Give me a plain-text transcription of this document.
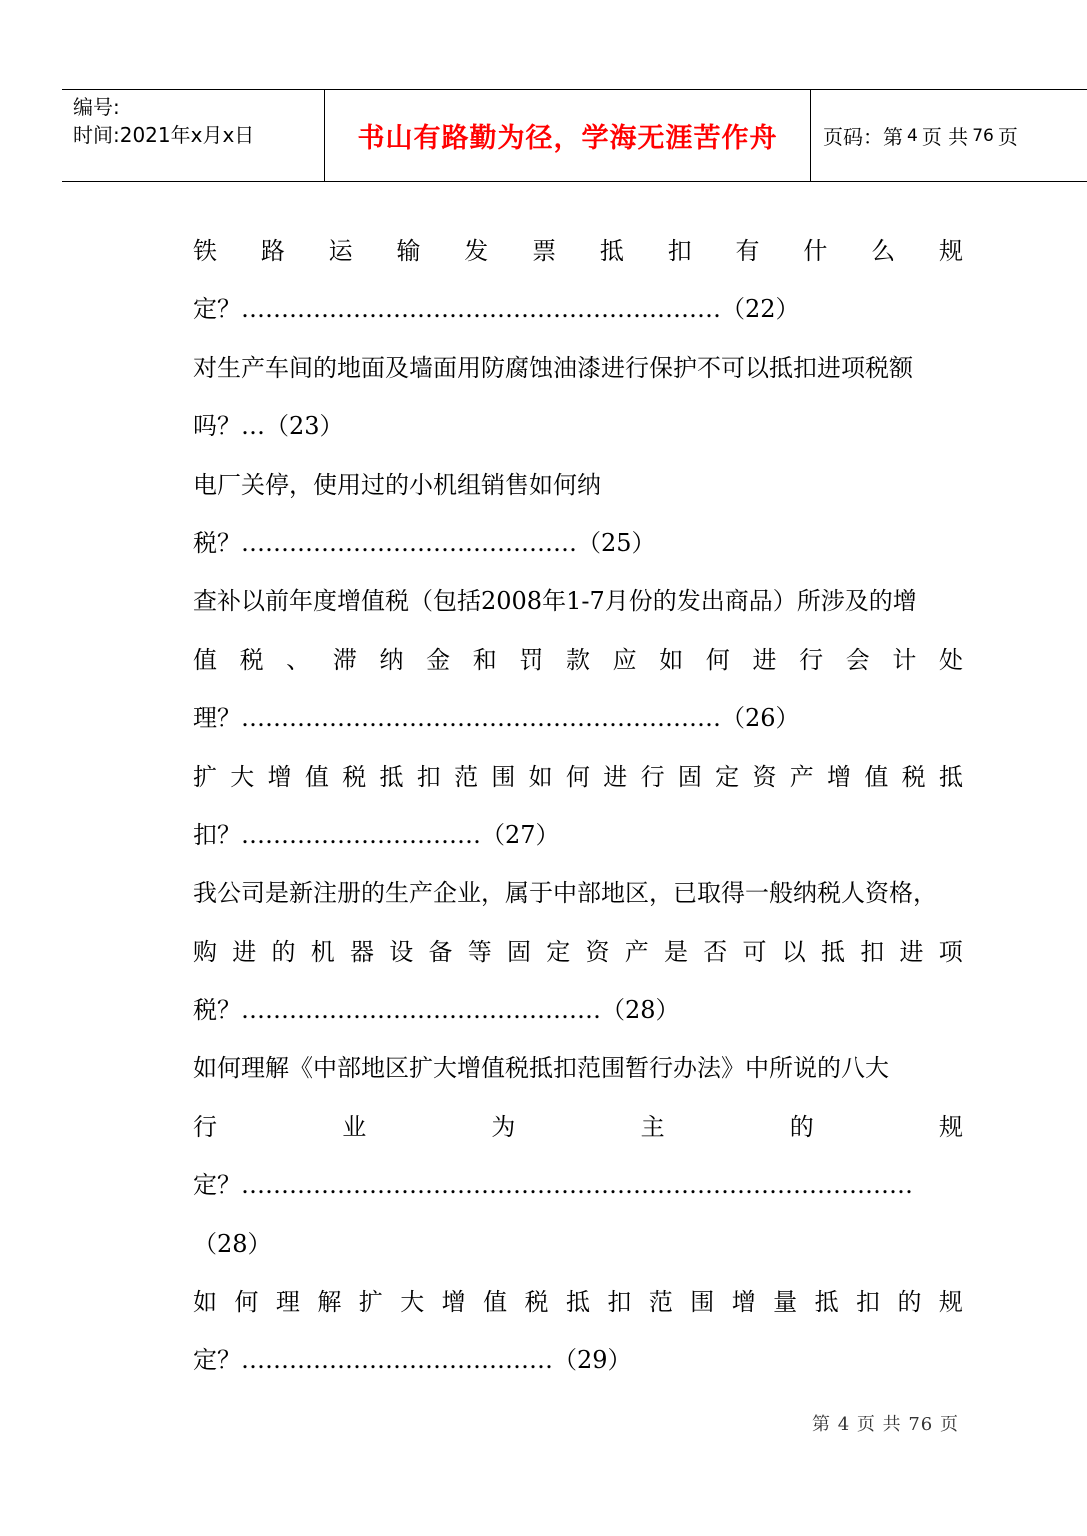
编号:
时间:2021年x月x日	书山有路勤为径，学海无涯苦作舟	页码：第 4 页 共 76 页
铁 路 运 输 发 票 抵 扣 有 什 么 规
定？ …………………………………………………… （22）
对生产车间的地面及墙面用防腐蚀油漆进行保护不可以抵扣进项税额
吗？ … （23）
电厂关停，使用过的小机组销售如何纳
税？ …………………………………… （25）
查补以前年度增值税（包括2008年1-7月份的发出商品）所涉及的增
值 税 、 滞 纳 金 和 罚 款 应 如 何 进 行 会 计 处
理？ …………………………………………………… （26）
扩 大 增 值 税 抵 扣 范 围 如 何 进 行 固 定 资 产 增 值 税 抵
扣？ ………………………… （27）
我公司是新注册的生产企业，属于中部地区，已取得一般纳税人资格，
购 进 的 机 器 设 备 等 固 定 资 产 是 否 可 以 抵 扣 进 项
税？ ……………………………………… （28）
如何理解《中部地区扩大增值税抵扣范围暂行办法》中所说的八大
行	业	为	主	的	规
定？ …………………………………………………………………………
（28）
如 何 理 解 扩 大 增 值 税 抵 扣 范 围 增 量 抵 扣 的 规
定？ ………………………………… （29）
第 4 页 共 76 页
